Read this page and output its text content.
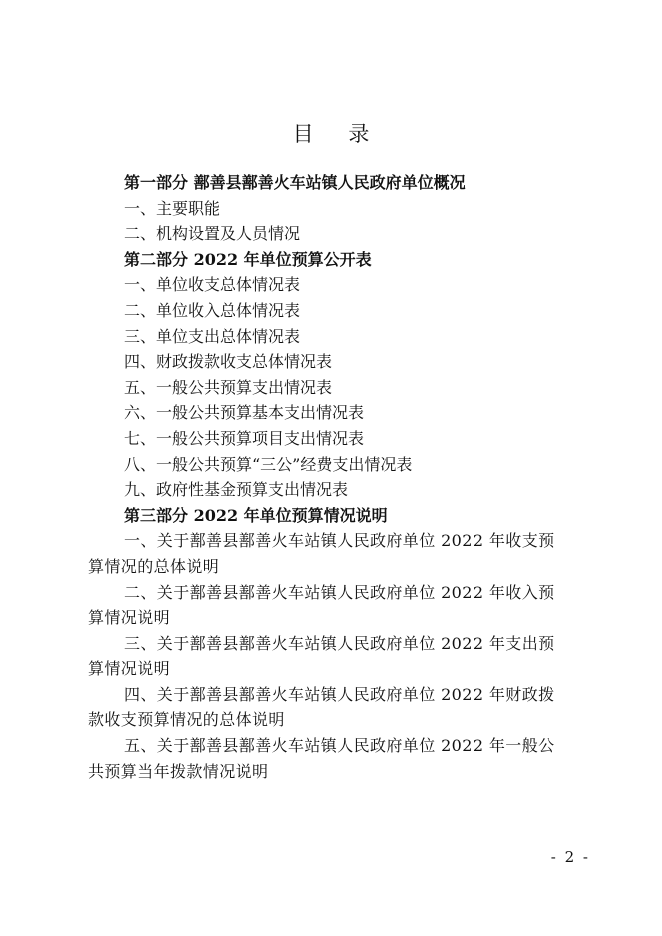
目 录
第一部分 鄯善县鄯善火车站镇人民政府单位概况
一、主要职能
二、机构设置及人员情况
第二部分 2022 年单位预算公开表
一、单位收支总体情况表
二、单位收入总体情况表
三、单位支出总体情况表
四、财政拨款收支总体情况表
五、一般公共预算支出情况表
六、一般公共预算基本支出情况表
七、一般公共预算项目支出情况表
八、一般公共预算“三公”经费支出情况表
九、政府性基金预算支出情况表
第三部分 2022 年单位预算情况说明
一、关于鄯善县鄯善火车站镇人民政府单位 2022 年收支预
算情况的总体说明
二、关于鄯善县鄯善火车站镇人民政府单位 2022 年收入预
算情况说明
三、关于鄯善县鄯善火车站镇人民政府单位 2022 年支出预
算情况说明
四、关于鄯善县鄯善火车站镇人民政府单位 2022 年财政拨
款收支预算情况的总体说明
五、关于鄯善县鄯善火车站镇人民政府单位 2022 年一般公
共预算当年拨款情况说明
- 2 -
